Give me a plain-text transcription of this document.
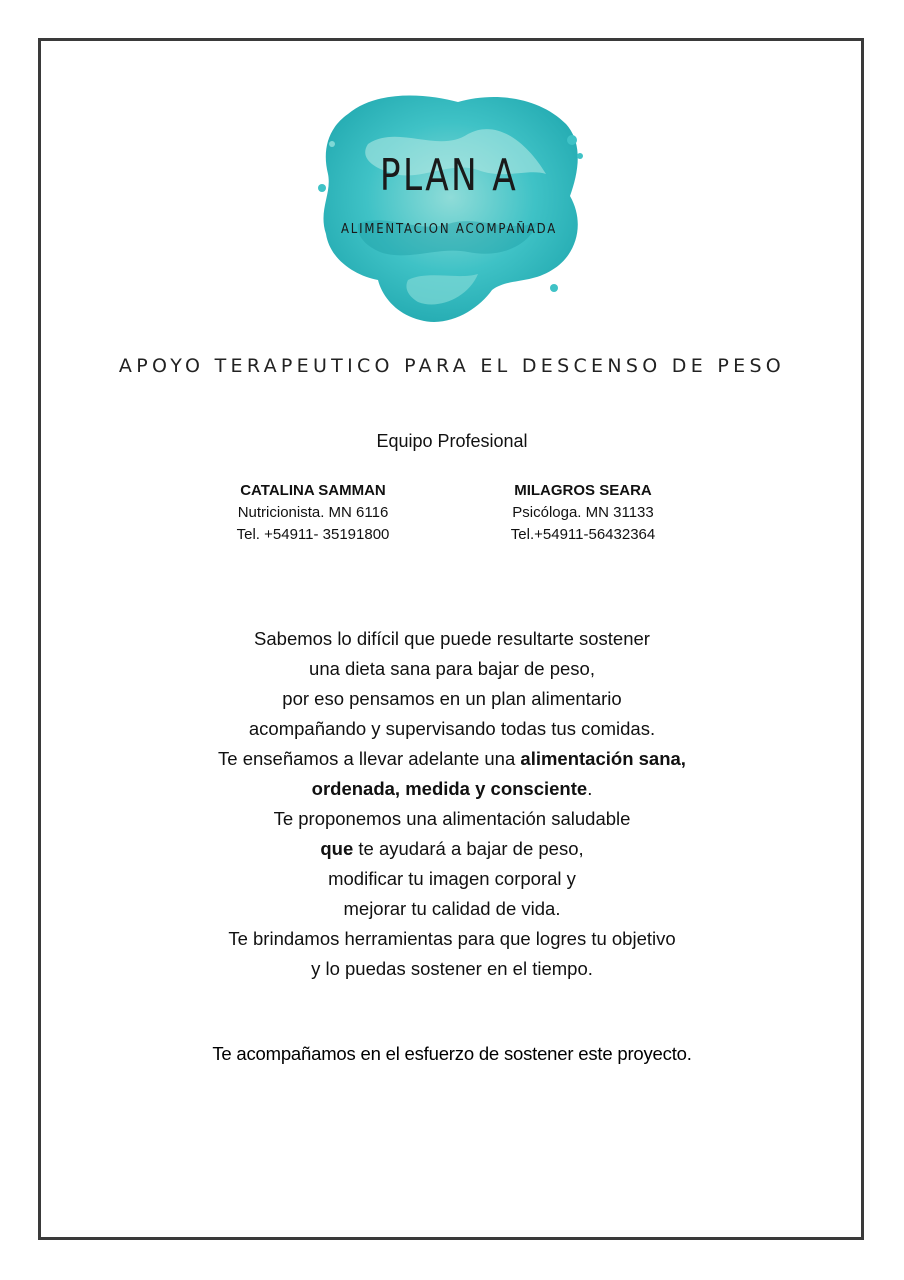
PLAN A
ALIMENTACION ACOMPAÑADA
APOYO TERAPEUTICO PARA EL DESCENSO DE PESO
Equipo Profesional
CATALINA SAMMAN
Nutricionista. MN 6116
Tel. +54911- 35191800
MILAGROS SEARA
Psicóloga. MN 31133
Tel.+54911-56432364

Sabemos lo difícil que puede resultarte sostener

una dieta sana para bajar de peso,

por eso pensamos en un plan alimentario

acompañando y supervisando todas tus comidas.

Te enseñamos a llevar adelante una alimentación sana,

ordenada, medida y consciente.

Te proponemos una alimentación saludable

que te ayudará a bajar de peso,

modificar tu imagen corporal y

mejorar tu calidad de vida.

Te brindamos herramientas para que logres tu objetivo

y lo puedas sostener en el tiempo.

Te acompañamos en el esfuerzo de sostener este proyecto.
